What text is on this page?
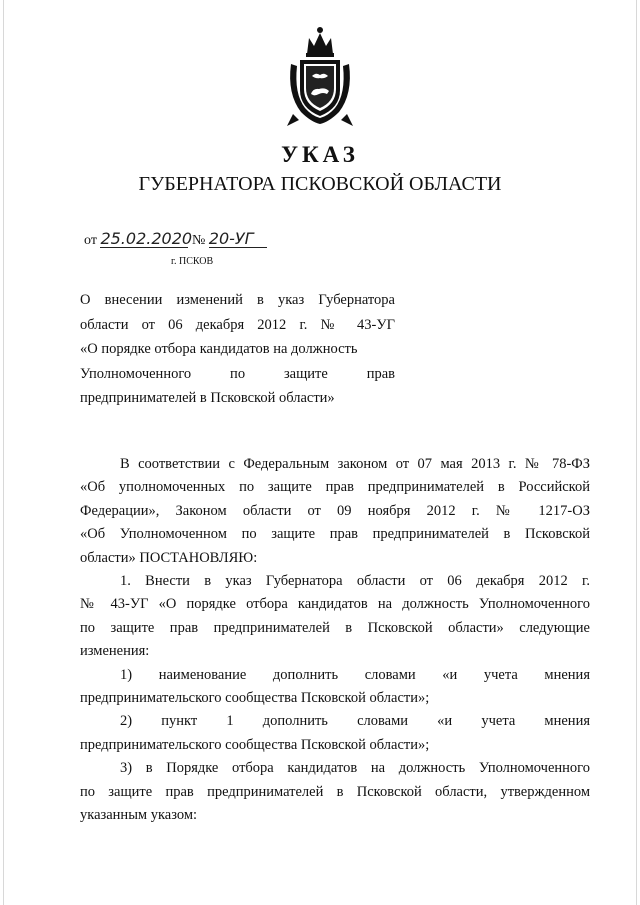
УКАЗ
ГУБЕРНАТОРА ПСКОВСКОЙ ОБЛАСТИ
от 25.02.2020 № 20-УГ
г. ПСКОВ
О внесении изменений в указ Губернатора
области от 06 декабря 2012 г. № 43-УГ
«О порядке отбора кандидатов на должность
Уполномоченного по защите прав
предпринимателей в Псковской области»
В соответствии с Федеральным законом от 07 мая 2013 г. № 78-ФЗ
«Об уполномоченных по защите прав предпринимателей в Российской
Федерации», Законом области от 09 ноября 2012 г. № 1217-ОЗ
«Об Уполномоченном по защите прав предпринимателей в Псковской
области» ПОСТАНОВЛЯЮ:
1. Внести в указ Губернатора области от 06 декабря 2012 г.
№ 43-УГ «О порядке отбора кандидатов на должность Уполномоченного
по защите прав предпринимателей в Псковской области» следующие
изменения:
1) наименование дополнить словами «и учета мнения
предпринимательского сообщества Псковской области»;
2) пункт 1 дополнить словами «и учета мнения
предпринимательского сообщества Псковской области»;
3) в Порядке отбора кандидатов на должность Уполномоченного
по защите прав предпринимателей в Псковской области, утвержденном
указанным указом:
